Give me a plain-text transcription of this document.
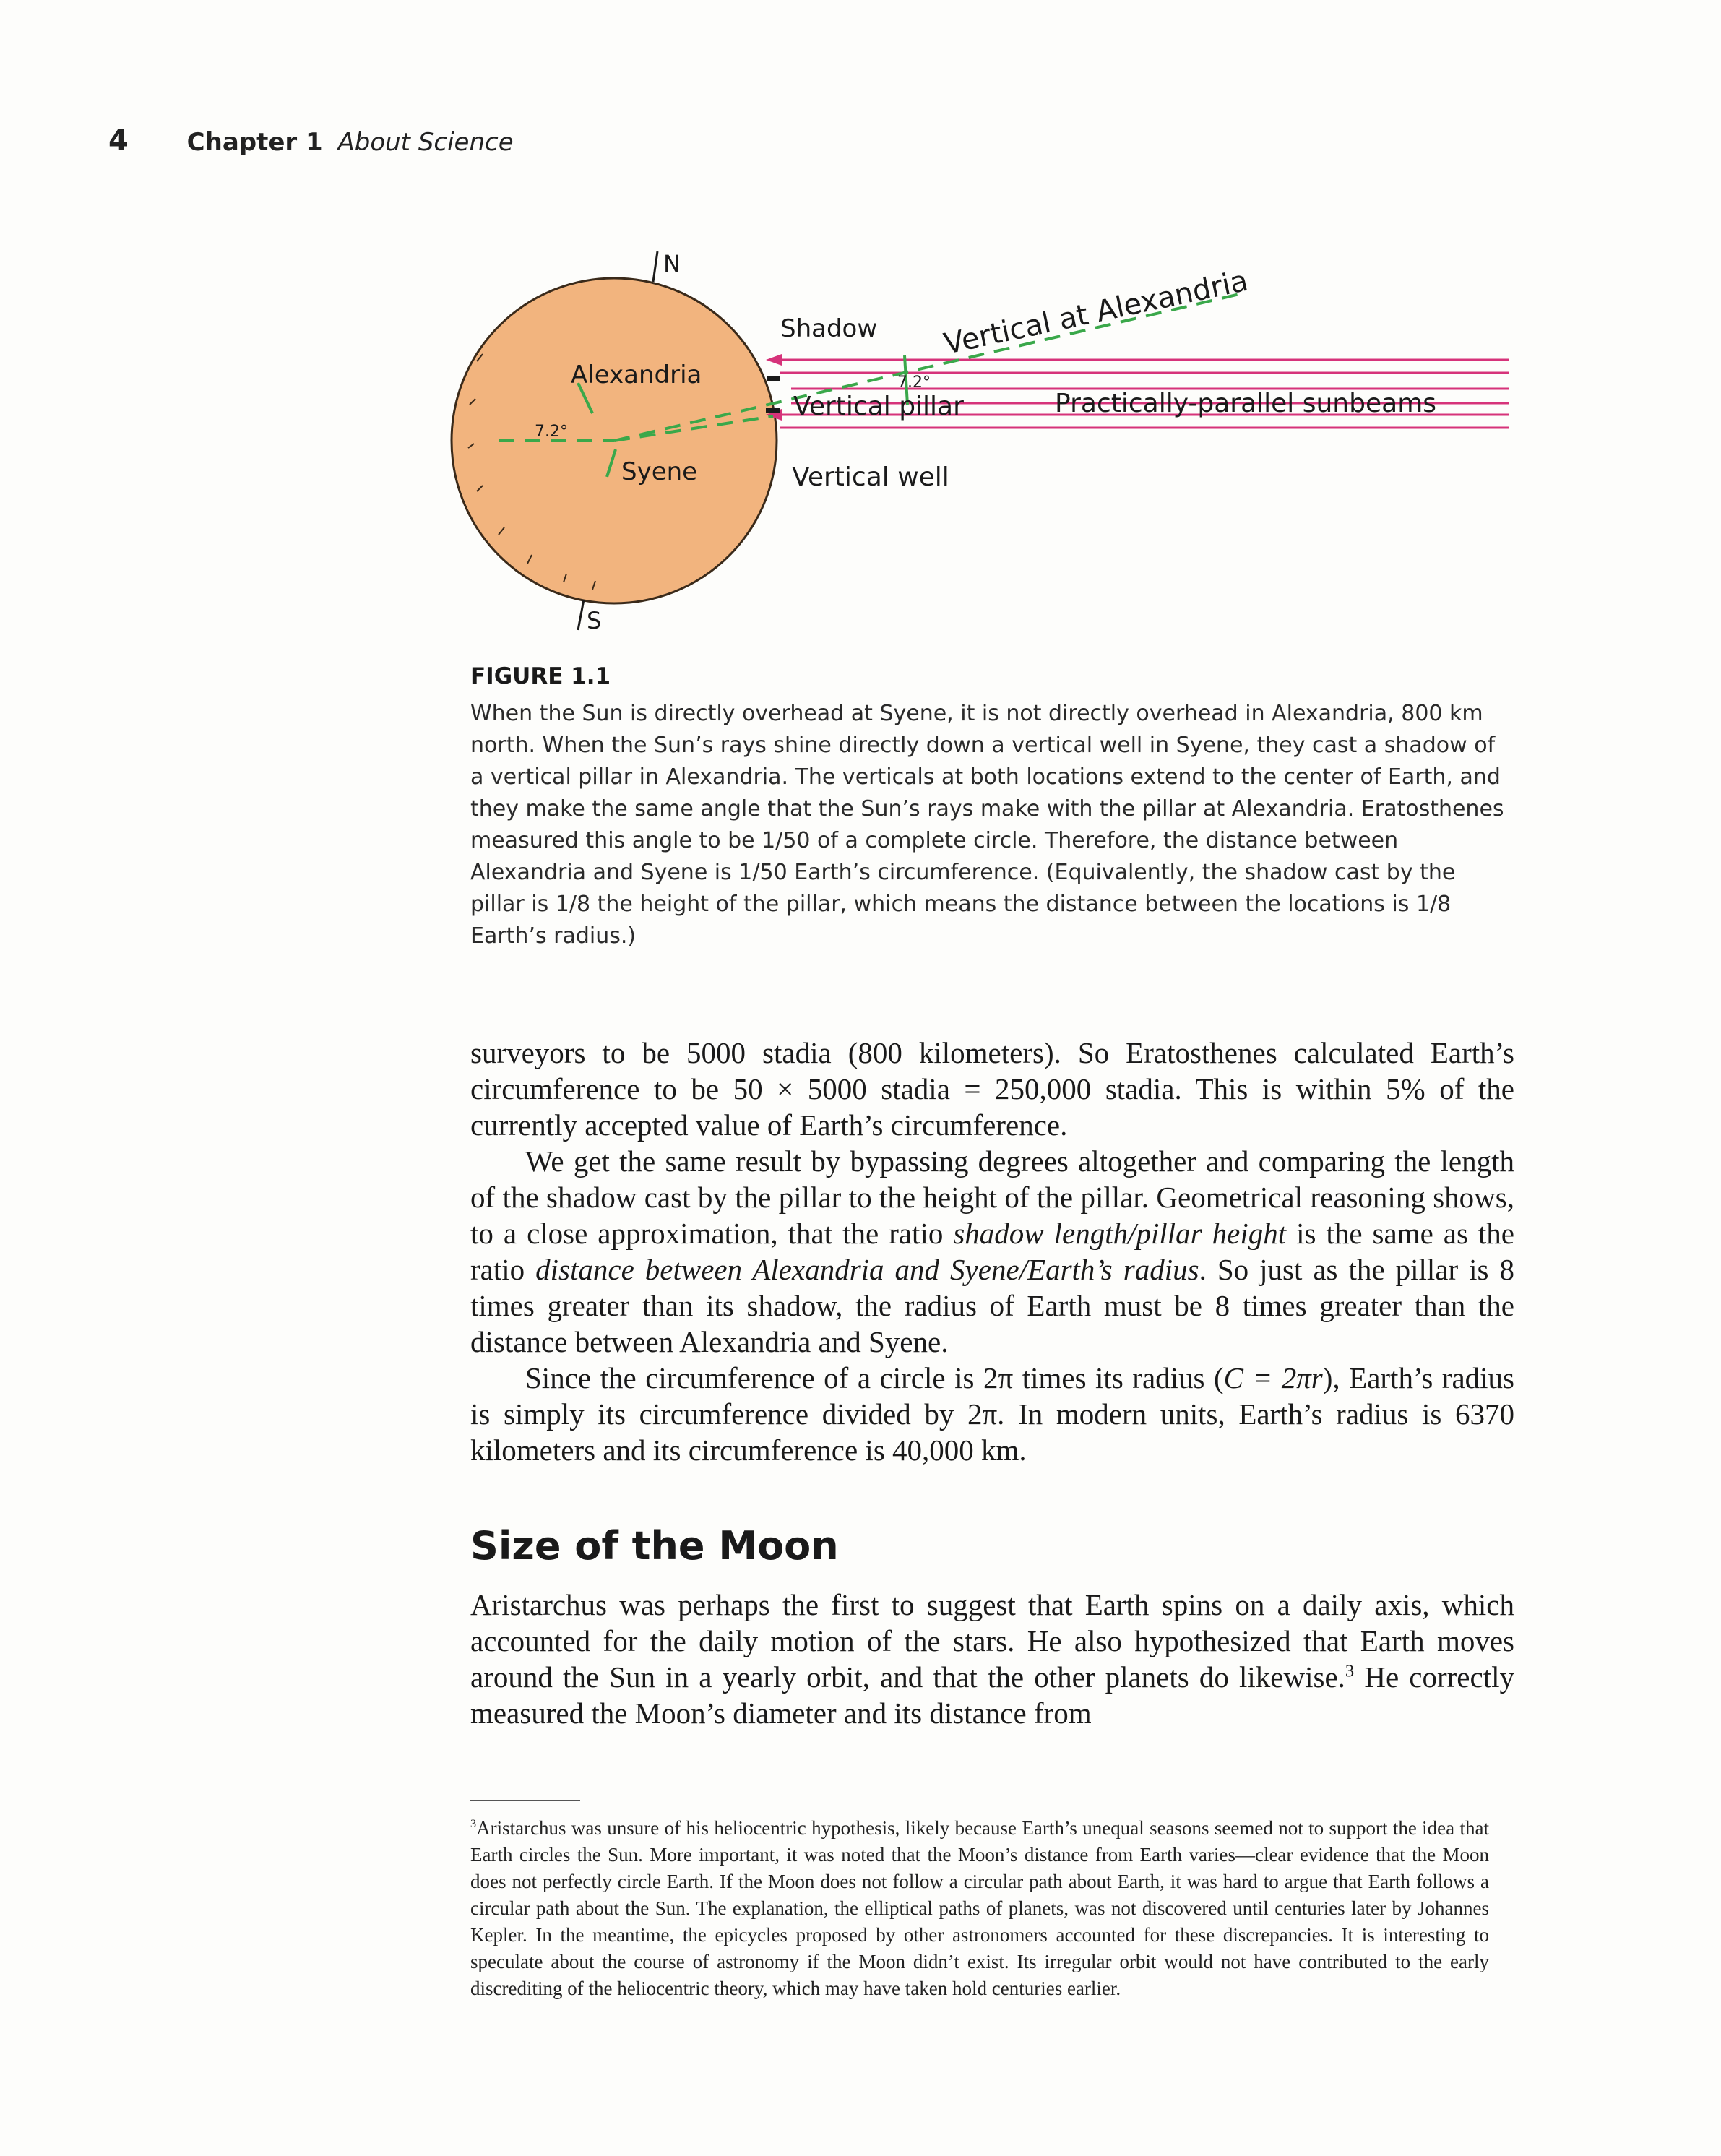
4 Chapter 1 About Science
N
S
Alexandria
7.2°
Syene
Shadow
7.2°
Vertical at Alexandria
Vertical pillar	Practically-parallel sunbeams
Vertical well
FIGURE 1.1
When the Sun is directly overhead at Syene, it is not directly overhead in Alexandria, 800 km north. When the Sun’s rays shine directly down a vertical well in Syene, they cast a shadow of a vertical pillar in Alexandria. The verticals at both locations extend to the center of Earth, and they make the same angle that the Sun’s rays make with the pillar at Alexandria. Eratosthenes measured this angle to be 1/50 of a complete circle. Therefore, the distance between Alexandria and Syene is 1/50 Earth’s circumference. (Equivalently, the shadow cast by the pillar is 1/8 the height of the pillar, which means the distance between the locations is 1/8 Earth’s radius.)

surveyors to be 5000 stadia (800 kilometers). So Eratosthenes calculated Earth’s circumference to be 50 × 5000 stadia = 250,000 stadia. This is within 5% of the currently accepted value of Earth’s circumference.

We get the same result by bypassing degrees altogether and comparing the length of the shadow cast by the pillar to the height of the pillar. Geometrical reasoning shows, to a close approximation, that the ratio shadow length/pillar height is the same as the ratio distance between Alexandria and Syene/Earth’s radius. So just as the pillar is 8 times greater than its shadow, the radius of Earth must be 8 times greater than the distance between Alexandria and Syene.

Since the circumference of a circle is 2π times its radius (C = 2πr), Earth’s radius is simply its circumference divided by 2π. In modern units, Earth’s radius is 6370 kilometers and its circumference is 40,000 km.

Size of the Moon

Aristarchus was perhaps the first to suggest that Earth spins on a daily axis, which accounted for the daily motion of the stars. He also hypothesized that Earth moves around the Sun in a yearly orbit, and that the other planets do likewise.$^3$ He correctly measured the Moon’s diameter and its distance from

$^3$Aristarchus was unsure of his heliocentric hypothesis, likely because Earth’s unequal seasons seemed not to support the idea that Earth circles the Sun. More important, it was noted that the Moon’s distance from Earth varies—clear evidence that the Moon does not perfectly circle Earth. If the Moon does not follow a circular path about Earth, it was hard to argue that Earth follows a circular path about the Sun. The explanation, the elliptical paths of planets, was not discovered until centuries later by Johannes Kepler. In the meantime, the epicycles proposed by other astronomers accounted for these discrepancies. It is interesting to speculate about the course of astronomy if the Moon didn’t exist. Its irregular orbit would not have contributed to the early discrediting of the heliocentric theory, which may have taken hold centuries earlier.
